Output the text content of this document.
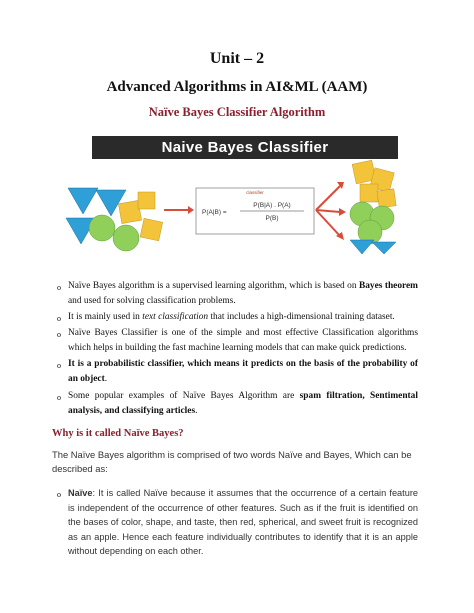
Unit – 2
Advanced Algorithms in AI&ML (AAM)
Naïve Bayes Classifier Algorithm
Naive Bayes Classifier
classifier
P(A|B) =
P(B|A) . P(A)
P(B)
o Naïve Bayes algorithm is a supervised learning algorithm, which is based on Bayes theorem and used for solving classification problems.
o It is mainly used in text classification that includes a high-dimensional training dataset.
o Naïve Bayes Classifier is one of the simple and most effective Classification algorithms which helps in building the fast machine learning models that can make quick predictions.
o It is a probabilistic classifier, which means it predicts on the basis of the probability of an object.
o Some popular examples of Naïve Bayes Algorithm are spam filtration, Sentimental analysis, and classifying articles.
Why is it called Naïve Bayes?
The Naïve Bayes algorithm is comprised of two words Naïve and Bayes, Which can be described as:
o Naïve: It is called Naïve because it assumes that the occurrence of a certain feature is independent of the occurrence of other features. Such as if the fruit is identified on the bases of color, shape, and taste, then red, spherical, and sweet fruit is recognized as an apple. Hence each feature individually contributes to identify that it is an apple without depending on each other.
